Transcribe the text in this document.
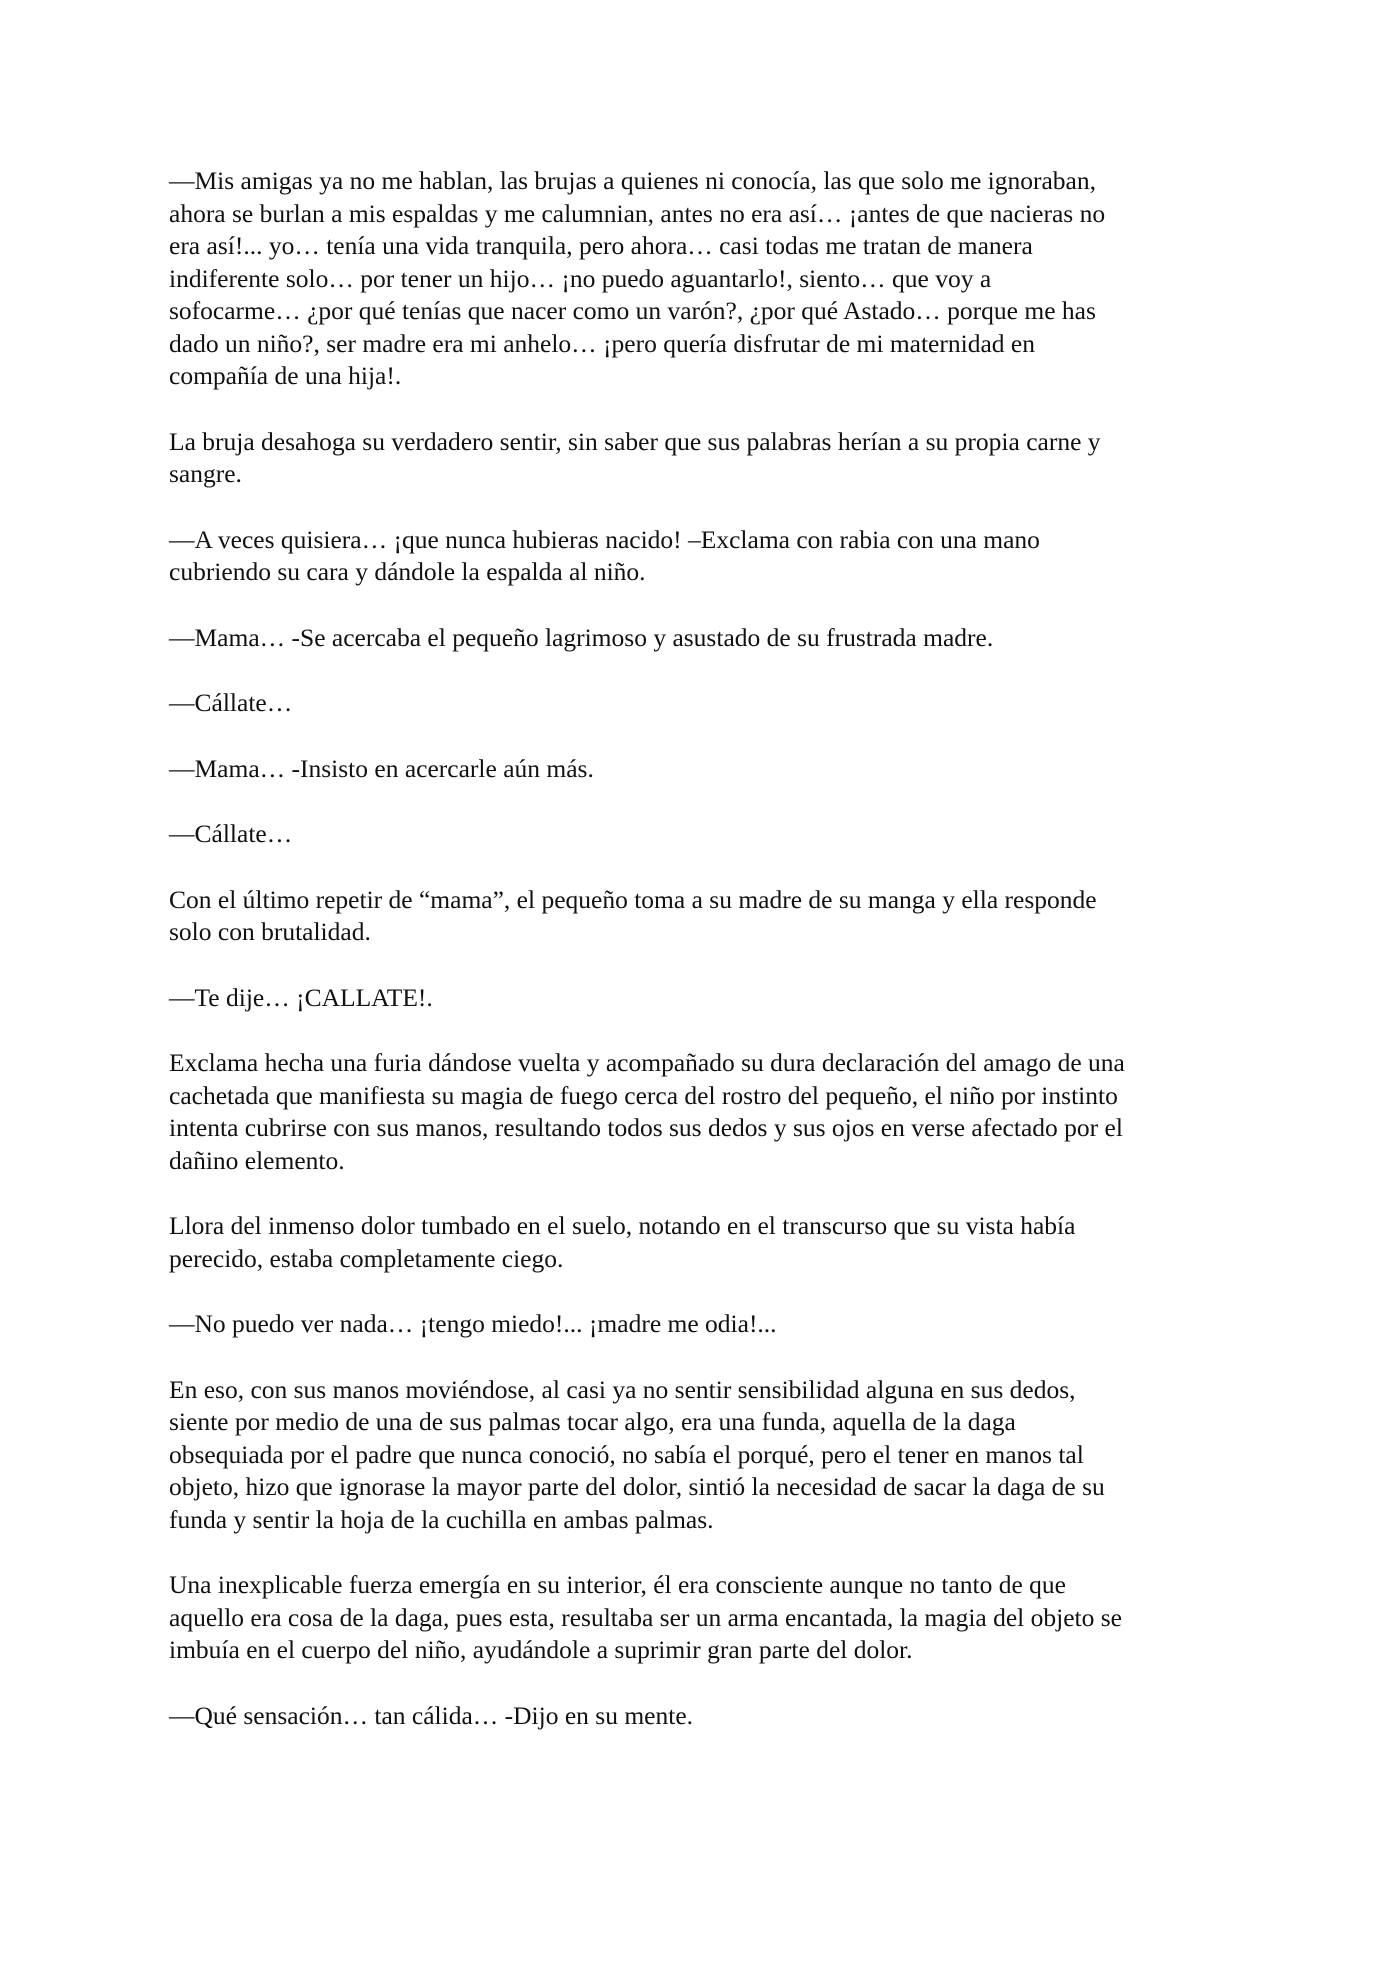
—Mis amigas ya no me hablan, las brujas a quienes ni conocía, las que solo me ignoraban,
ahora se burlan a mis espaldas y me calumnian, antes no era así… ¡antes de que nacieras no
era así!... yo… tenía una vida tranquila, pero ahora… casi todas me tratan de manera
indiferente solo… por tener un hijo… ¡no puedo aguantarlo!, siento… que voy a
sofocarme… ¿por qué tenías que nacer como un varón?, ¿por qué Astado… porque me has
dado un niño?, ser madre era mi anhelo… ¡pero quería disfrutar de mi maternidad en
compañía de una hija!.

La bruja desahoga su verdadero sentir, sin saber que sus palabras herían a su propia carne y
sangre.

—A veces quisiera… ¡que nunca hubieras nacido! –Exclama con rabia con una mano
cubriendo su cara y dándole la espalda al niño.

—Mama… -Se acercaba el pequeño lagrimoso y asustado de su frustrada madre.

—Cállate…

—Mama… -Insisto en acercarle aún más.

—Cállate…

Con el último repetir de “mama”, el pequeño toma a su madre de su manga y ella responde
solo con brutalidad.

—Te dije… ¡CALLATE!.

Exclama hecha una furia dándose vuelta y acompañado su dura declaración del amago de una
cachetada que manifiesta su magia de fuego cerca del rostro del pequeño, el niño por instinto
intenta cubrirse con sus manos, resultando todos sus dedos y sus ojos en verse afectado por el
dañino elemento.

Llora del inmenso dolor tumbado en el suelo, notando en el transcurso que su vista había
perecido, estaba completamente ciego.

—No puedo ver nada… ¡tengo miedo!... ¡madre me odia!...

En eso, con sus manos moviéndose, al casi ya no sentir sensibilidad alguna en sus dedos,
siente por medio de una de sus palmas tocar algo, era una funda, aquella de la daga
obsequiada por el padre que nunca conoció, no sabía el porqué, pero el tener en manos tal
objeto, hizo que ignorase la mayor parte del dolor, sintió la necesidad de sacar la daga de su
funda y sentir la hoja de la cuchilla en ambas palmas.

Una inexplicable fuerza emergía en su interior, él era consciente aunque no tanto de que
aquello era cosa de la daga, pues esta, resultaba ser un arma encantada, la magia del objeto se
imbuía en el cuerpo del niño, ayudándole a suprimir gran parte del dolor.

—Qué sensación… tan cálida… -Dijo en su mente.
